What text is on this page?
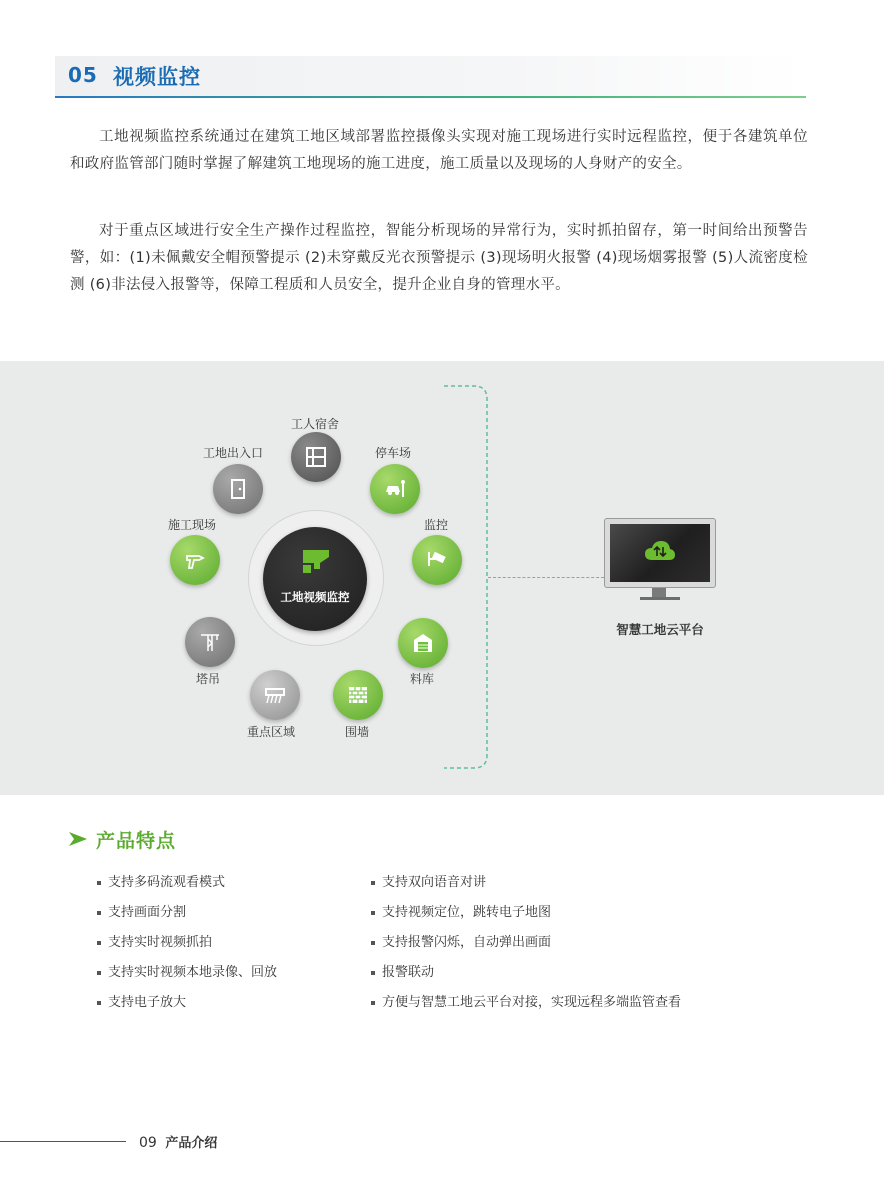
05 视频监控

工地视频监控系统通过在建筑工地区域部署监控摄像头实现对施工现场进行实时远程监控，便于各建筑单位和政府监管部门随时掌握了解建筑工地现场的施工进度，施工质量以及现场的人身财产的安全。

对于重点区域进行安全生产操作过程监控，智能分析现场的异常行为，实时抓拍留存，第一时间给出预警告警，如：(1)未佩戴安全帽预警提示 (2)未穿戴反光衣预警提示 (3)现场明火报警 (4)现场烟雾报警 (5)人流密度检测 (6)非法侵入报警等，保障工程质和人员安全，提升企业自身的管理水平。

工地视频监控
工人宿舍
停车场
监控
料库
围墙
重点区域
塔吊
施工现场
工地出入口
智慧工地云平台
产品特点
支持多码流观看模式
支持画面分割
支持实时视频抓拍
支持实时视频本地录像、回放
支持电子放大
支持双向语音对讲
支持视频定位，跳转电子地图
支持报警闪烁，自动弹出画面
报警联动
方便与智慧工地云平台对接，实现远程多端监管查看
09 产品介绍
